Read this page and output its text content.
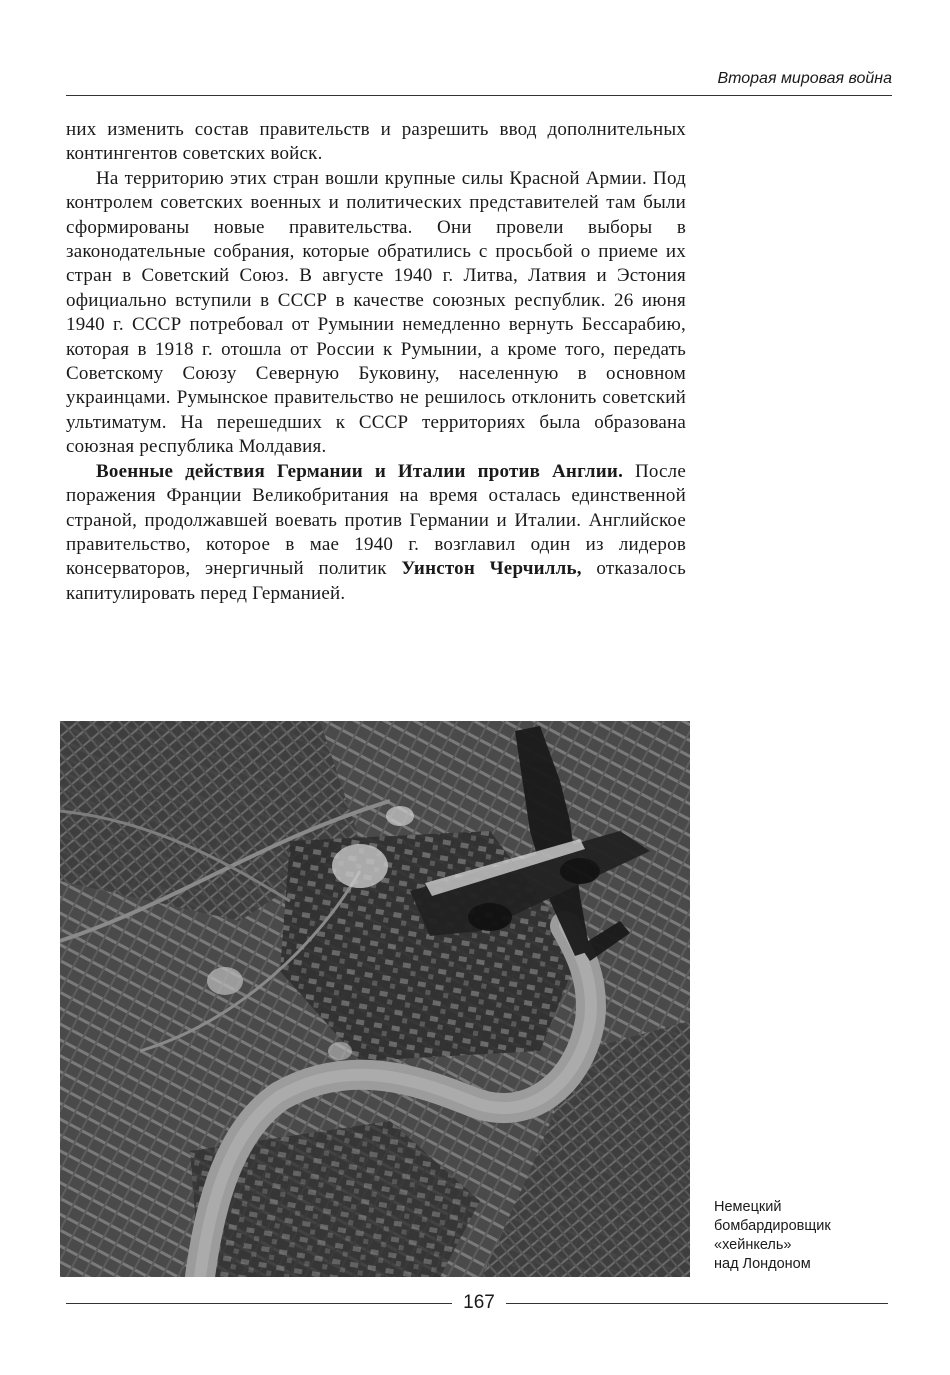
Вторая мировая война

них изменить состав правительств и разрешить ввод дополнительных контингентов советских войск.

На территорию этих стран вошли крупные силы Красной Армии. Под контролем советских военных и политических представителей там были сформированы новые правительства. Они провели выборы в законодательные собрания, которые обратились с просьбой о приеме их стран в Советский Союз. В августе 1940 г. Литва, Латвия и Эстония официально вступили в СССР в качестве союзных республик. 26 июня 1940 г. СССР потребовал от Румынии немедленно вернуть Бессарабию, которая в 1918 г. отошла от России к Румынии, а кроме того, передать Советскому Союзу Северную Буковину, населенную в основном украинцами. Румынское правительство не решилось отклонить советский ультиматум. На перешедших к СССР территориях была образована союзная республика Молдавия.

Военные действия Германии и Италии против Англии. После поражения Франции Великобритания на время осталась единственной страной, продолжавшей воевать против Германии и Италии. Английское правительство, которое в мае 1940 г. возглавил один из лидеров консерваторов, энергичный политик Уинстон Черчилль, отказалось капитулировать перед Германией.

Немецкий
бомбардировщик
«хейнкель»
над Лондоном
167
